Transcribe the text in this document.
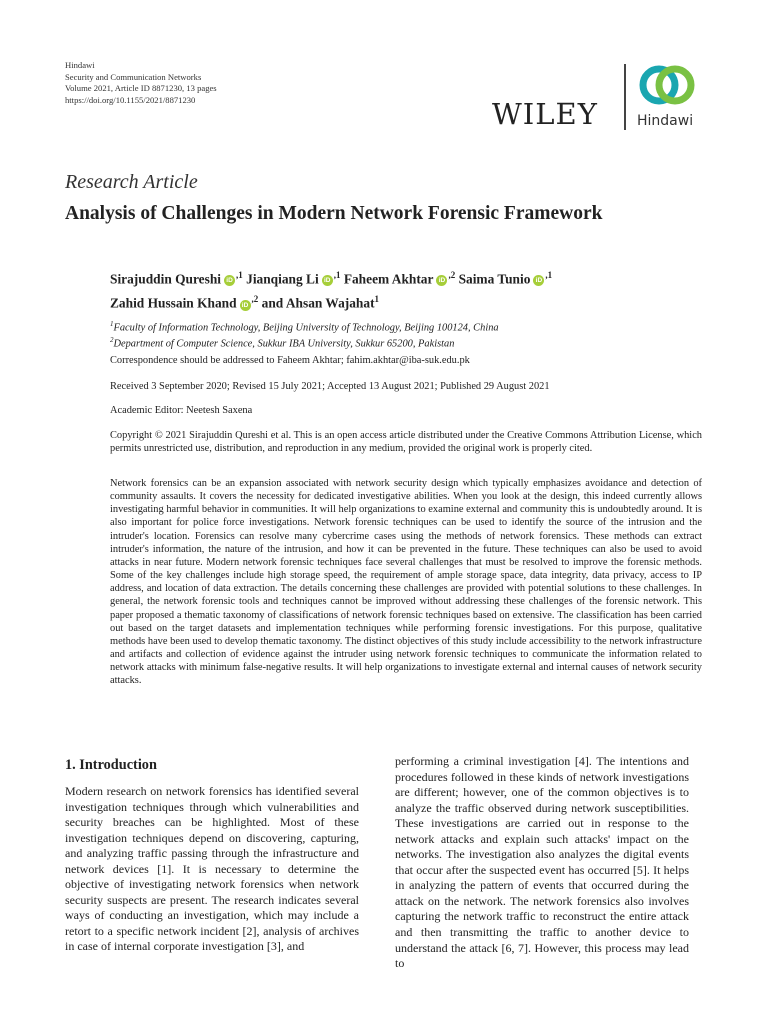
Hindawi
Security and Communication Networks
Volume 2021, Article ID 8871230, 13 pages
https://doi.org/10.1155/2021/8871230	WILEY	Hindawi
Research Article
Analysis of Challenges in Modern Network Forensic Framework
Sirajuddin Qureshi $iD^{,1}$ Jianqiang Li $iD^{,1}$ Faheem Akhtar $iD^{,2}$ Saima Tunio $iD^{,1}$
Zahid Hussain Khand $iD^{,2}$ and Ahsan Wajahat$^1$
$^1$Faculty of Information Technology, Beijing University of Technology, Beijing 100124, China
$^2$Department of Computer Science, Sukkur IBA University, Sukkur 65200, Pakistan
Correspondence should be addressed to Faheem Akhtar; fahim.akhtar@iba-suk.edu.pk
Received 3 September 2020; Revised 15 July 2021; Accepted 13 August 2021; Published 29 August 2021
Academic Editor: Neetesh Saxena
Copyright © 2021 Sirajuddin Qureshi et al. This is an open access article distributed under the Creative Commons Attribution License, which permits unrestricted use, distribution, and reproduction in any medium, provided the original work is properly cited.
Network forensics can be an expansion associated with network security design which typically emphasizes avoidance and detection of community assaults. It covers the necessity for dedicated investigative abilities. When you look at the design, this indeed currently allows investigating harmful behavior in communities. It will help organizations to examine external and community this is undoubtedly around. It is also important for police force investigations. Network forensic techniques can be used to identify the source of the intrusion and the intruder's location. Forensics can resolve many cybercrime cases using the methods of network forensics. These methods can extract intruder's information, the nature of the intrusion, and how it can be prevented in the future. These techniques can also be used to avoid attacks in near future. Modern network forensic techniques face several challenges that must be resolved to improve the forensic methods. Some of the key challenges include high storage speed, the requirement of ample storage space, data integrity, data privacy, access to IP address, and location of data extraction. The details concerning these challenges are provided with potential solutions to these challenges. In general, the network forensic tools and techniques cannot be improved without addressing these challenges of the forensic network. This paper proposed a thematic taxonomy of classifications of network forensic techniques based on extensive. The classification has been carried out based on the target datasets and implementation techniques while performing forensic investigations. For this purpose, qualitative methods have been used to develop thematic taxonomy. The distinct objectives of this study include accessibility to the network infrastructure and artifacts and collection of evidence against the intruder using network forensic techniques to communicate the information related to network attacks with minimum false-negative results. It will help organizations to investigate external and internal causes of network security attacks.
1. Introduction
Modern research on network forensics has identified several investigation techniques through which vulnerabilities and security breaches can be highlighted. Most of these investigation techniques depend on discovering, capturing, and analyzing traffic passing through the infrastructure and network devices [1]. It is necessary to determine the objective of investigating network forensics when network security suspects are present. The research indicates several ways of conducting an investigation, which may include a retort to a specific network incident [2], analysis of archives in case of internal corporate investigation [3], and
performing a criminal investigation [4]. The intentions and procedures followed in these kinds of network investigations are different; however, one of the common objectives is to analyze the traffic observed during network susceptibilities. These investigations are carried out in response to the network attacks and explain such attacks' impact on the networks. The investigation also analyzes the digital events that occur after the suspected event has occurred [5]. It helps in analyzing the pattern of events that occurred during the attack on the network. The network forensics also involves capturing the network traffic to reconstruct the entire attack and then transmitting the traffic to another device to understand the attack [6, 7]. However, this process may lead to
